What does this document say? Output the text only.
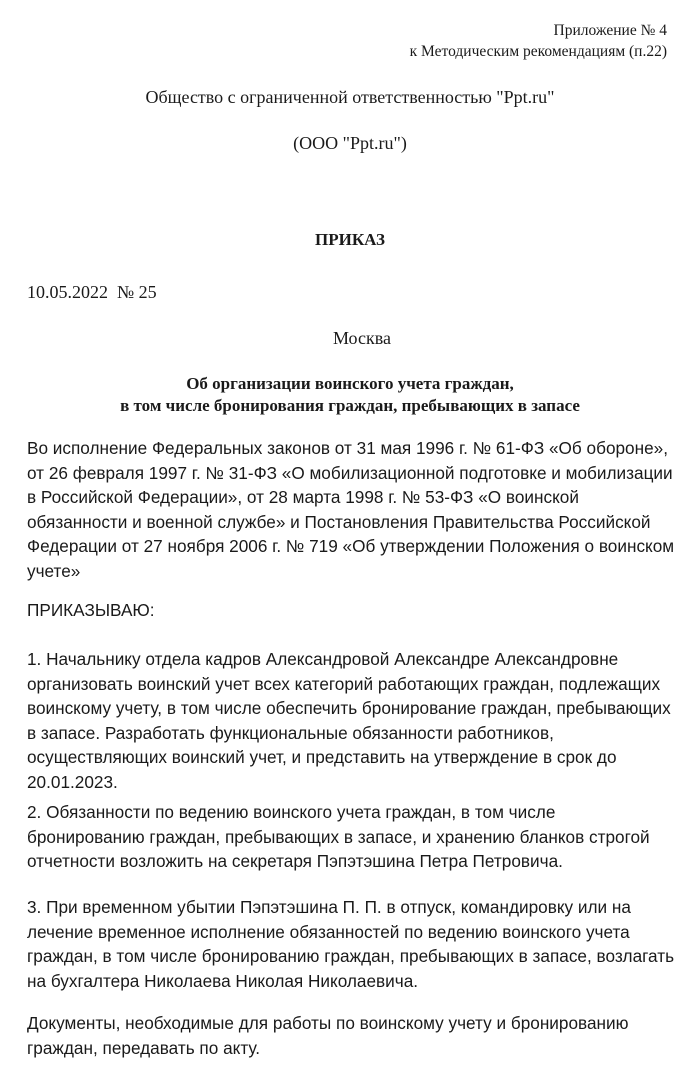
Приложение № 4
к Методическим рекомендациям (п.22)
Общество с ограниченной ответственностью "Ppt.ru"
(ООО "Ppt.ru")
ПРИКАЗ
10.05.2022  № 25
Москва
Об организации воинского учета граждан,
в том числе бронирования граждан, пребывающих в запасе
Во исполнение Федеральных законов от 31 мая 1996 г. № 61-ФЗ «Об обороне», от 26 февраля 1997 г. № 31-ФЗ «О мобилизационной подготовке и мобилизации в Российской Федерации», от 28 марта 1998 г. № 53-ФЗ «О воинской обязанности и военной службе» и Постановления Правительства Российской Федерации от 27 ноября 2006 г. № 719 «Об утверждении Положения о воинском учете»
ПРИКАЗЫВАЮ:
1. Начальнику отдела кадров Александровой Александре Александровне организовать воинский учет всех категорий работающих граждан, подлежащих воинскому учету, в том числе обеспечить бронирование граждан, пребывающих в запасе. Разработать функциональные обязанности работников, осуществляющих воинский учет, и представить на утверждение в срок до 20.01.2023.
2. Обязанности по ведению воинского учета граждан, в том числе бронированию граждан, пребывающих в запасе, и хранению бланков строгой отчетности возложить на секретаря Пэпэтэшина Петра Петровича.
3. При временном убытии Пэпэтэшина П. П. в отпуск, командировку или на лечение временное исполнение обязанностей по ведению воинского учета граждан, в том числе бронированию граждан, пребывающих в запасе, возлагать на бухгалтера Николаева Николая Николаевича.
Документы, необходимые для работы по воинскому учету и бронированию граждан, передавать по акту.
